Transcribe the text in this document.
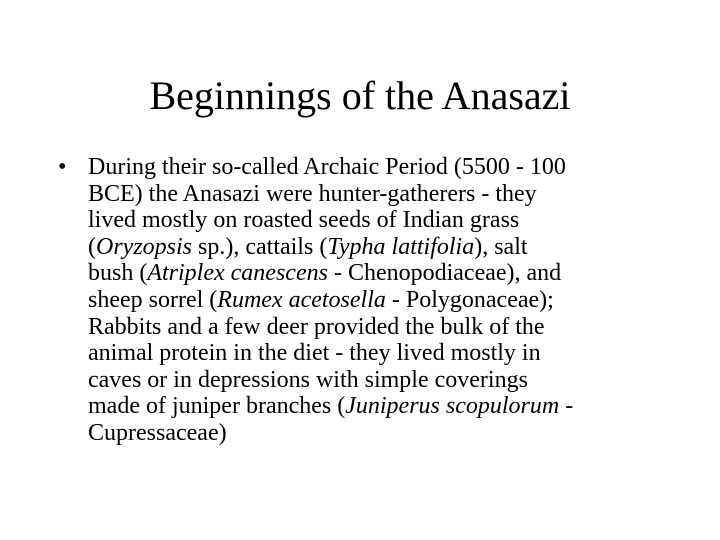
Beginnings of the Anasazi
• During their so-called Archaic Period (5500 - 100
BCE) the Anasazi were hunter-gatherers - they
lived mostly on roasted seeds of Indian grass
(Oryzopsis sp.), cattails (Typha lattifolia), salt
bush (Atriplex canescens - Chenopodiaceae), and
sheep sorrel (Rumex acetosella - Polygonaceae);
Rabbits and a few deer provided the bulk of the
animal protein in the diet - they lived mostly in
caves or in depressions with simple coverings
made of juniper branches (Juniperus scopulorum -
Cupressaceae)
